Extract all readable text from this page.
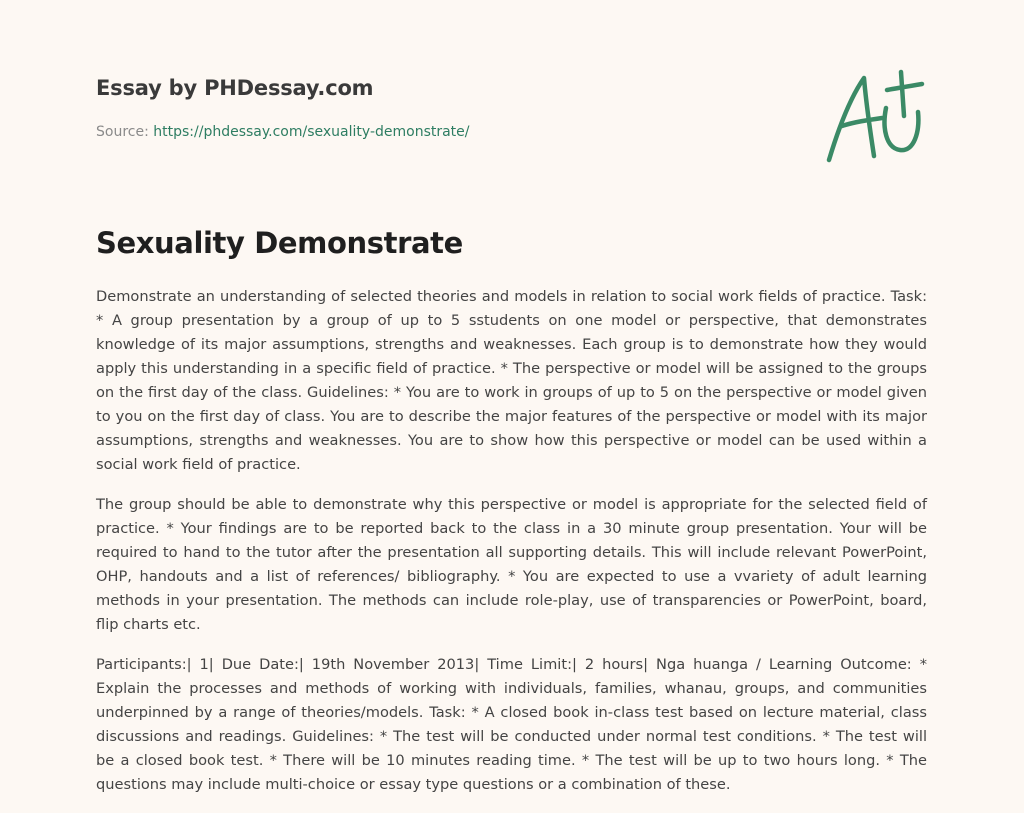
Essay by PHDessay.com
Source: https://phdessay.com/sexuality-demonstrate/
Sexuality Demonstrate

Demonstrate an understanding of selected theories and models in relation to social work fields of practice. Task: * A group presentation by a group of up to 5 sstudents on one model or perspective, that demonstrates knowledge of its major assumptions, strengths and weaknesses. Each group is to demonstrate how they would apply this understanding in a specific field of practice. * The perspective or model will be assigned to the groups on the first day of the class. Guidelines: * You are to work in groups of up to 5 on the perspective or model given to you on the first day of class. You are to describe the major features of the perspective or model with its major assumptions, strengths and weaknesses. You are to show how this perspective or model can be used within a social work field of practice.

The group should be able to demonstrate why this perspective or model is appropriate for the selected field of practice. * Your findings are to be reported back to the class in a 30 minute group presentation. Your will be required to hand to the tutor after the presentation all supporting details. This will include relevant PowerPoint, OHP, handouts and a list of references/ bibliography. * You are expected to use a vvariety of adult learning methods in your presentation. The methods can include role-play, use of transparencies or PowerPoint, board, flip charts etc.

Participants:| 1| Due Date:| 19th November 2013| Time Limit:| 2 hours| Nga huanga / Learning Outcome: * Explain the processes and methods of working with individuals, families, whanau, groups, and communities underpinned by a range of theories/models. Task: * A closed book in-class test based on lecture material, class discussions and readings. Guidelines: * The test will be conducted under normal test conditions. * The test will be a closed book test. * There will be 10 minutes reading time. * The test will be up to two hours long. * The questions may include multi-choice or essay type questions or a combination of these.
